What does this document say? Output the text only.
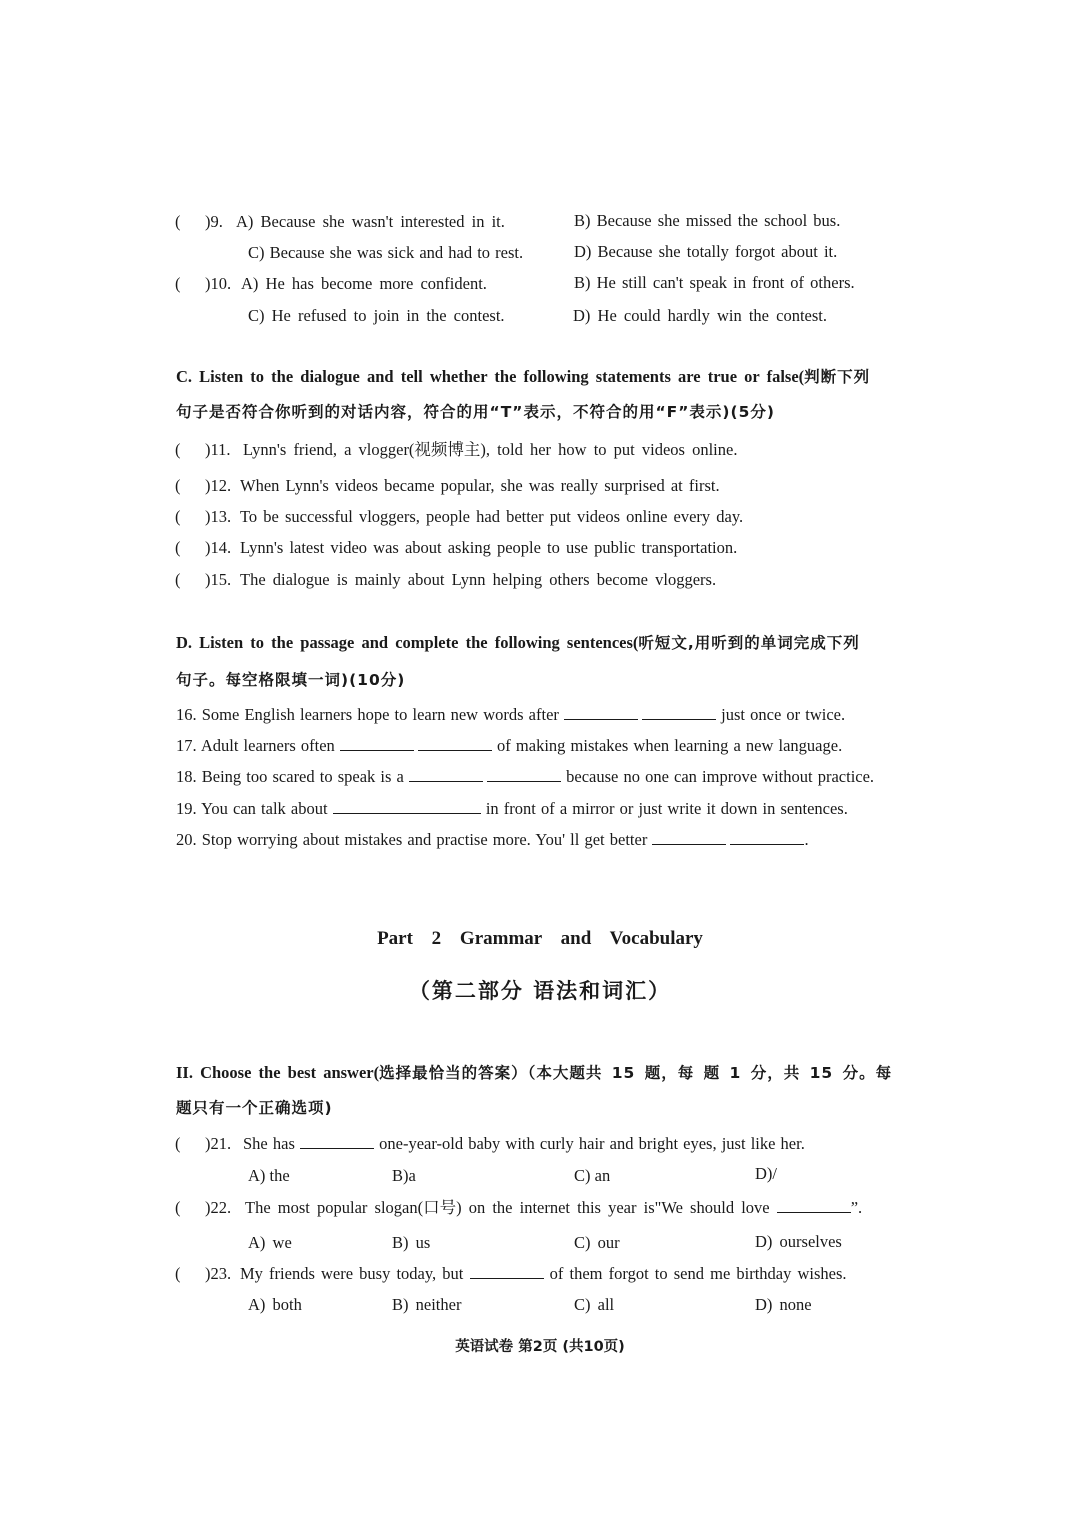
( )9. A) Because she wasn't interested in it.	B) Because she missed the school bus.
C) Because she was sick and had to rest.	D) Because she totally forgot about it.
( )10. A) He has become more confident.	B) He still can't speak in front of others.
C) He refused to join in the contest.	D) He could hardly win the contest.
C. Listen to the dialogue and tell whether the following statements are true or false(判断下列
句子是否符合你听到的对话内容，符合的用“T”表示，不符合的用“F”表示)(5分)
( )11. Lynn's friend, a vlogger(视频博主), told her how to put videos online.
( )12. When Lynn's videos became popular, she was really surprised at first.
( )13. To be successful vloggers, people had better put videos online every day.
( )14. Lynn's latest video was about asking people to use public transportation.
( )15. The dialogue is mainly about Lynn helping others become vloggers.
D. Listen to the passage and complete the following sentences(听短文,用听到的单词完成下列
句子。每空格限填一词)(10分)
16. Some English learners hope to learn new words after	just once or twice.
17. Adult learners often	of making mistakes when learning a new language.
18. Being too scared to speak is a	because no one can improve without practice.
19. You can talk about	in front of a mirror or just write it down in sentences.
20. Stop worrying about mistakes and practise more. You' ll get better	.
Part 2 Grammar and Vocabulary
（第二部分 语法和词汇）
II. Choose the best answer(选择最恰当的答案）（本大题共 15 题，每 题 1 分，共 15 分。每
题只有一个正确选项)
( )21. She has	one-year-old baby with curly hair and bright eyes, just like her.
A) the	B)a	C) an	D)/
( )22. The most popular slogan(口号) on the internet this year is"We should love	”.
A) we	B) us	C) our	D) ourselves
( )23. My friends were busy today, but	of them forgot to send me birthday wishes.
A) both	B) neither	C) all	D) none
英语试卷 第2页 (共10页)
